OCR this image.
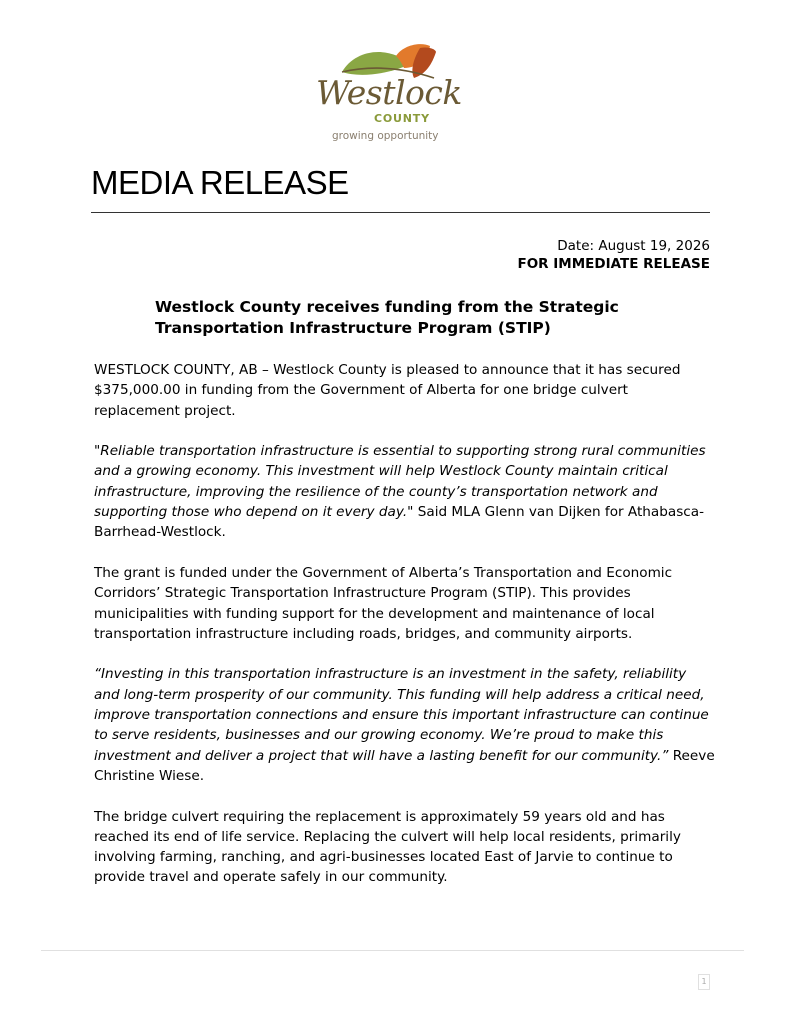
Westlock
COUNTY
growing opportunity
MEDIA RELEASE
Date: August 19, 2026
FOR IMMEDIATE RELEASE
Westlock County receives funding from the Strategic
Transportation Infrastructure Program (STIP)

WESTLOCK COUNTY, AB – Westlock County is pleased to announce that it has secured $375,000.00 in funding from the Government of Alberta for one bridge culvert replacement project.

"Reliable transportation infrastructure is essential to supporting strong rural communities and a growing economy. This investment will help Westlock County maintain critical infrastructure, improving the resilience of the county’s transportation network and supporting those who depend on it every day." Said MLA Glenn van Dijken for Athabasca-Barrhead-Westlock.

The grant is funded under the Government of Alberta’s Transportation and Economic Corridors’ Strategic Transportation Infrastructure Program (STIP). This provides municipalities with funding support for the development and maintenance of local transportation infrastructure including roads, bridges, and community airports.

“Investing in this transportation infrastructure is an investment in the safety, reliability and long-term prosperity of our community. This funding will help address a critical need, improve transportation connections and ensure this important infrastructure can continue to serve residents, businesses and our growing economy. We’re proud to make this investment and deliver a project that will have a lasting benefit for our community.” Reeve Christine Wiese.

The bridge culvert requiring the replacement is approximately 59 years old and has reached its end of life service. Replacing the culvert will help local residents, primarily involving farming, ranching, and agri-businesses located East of Jarvie to continue to provide travel and operate safely in our community.

1
